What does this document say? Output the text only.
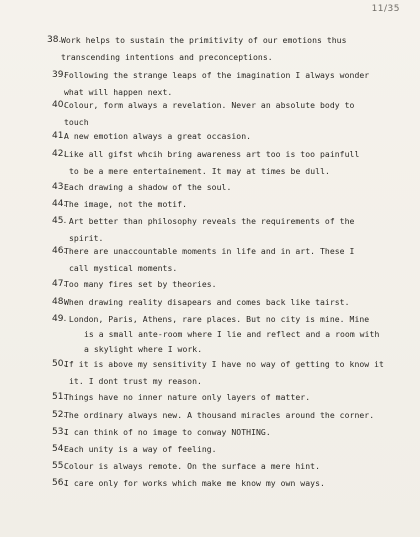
11/35
38. Work helps to sustain the primitivity of our emotions thus
transcending intentions and preconceptions.
39.
Following the strange leaps of the imagination I always wonder
what will happen next.
40.
Colour, form always a revelation. Never an absolute body to
touch
41.
A new emotion always a great occasion.
42.
Like all gifst whcih bring awareness art too is too painfull
to be a mere entertainement. It may at times be dull.
43.
Each drawing a shadow of the soul.
44.
The image, not the motif.
45.
Art better than philosophy reveals the requirements of the
spirit.
46.
There are unaccountable moments in life and in art. These I
call mystical moments.
47.
Too many fires set by theories.
48.
When drawing reality disapears and comes back like tairst.
49.
London, Paris, Athens, rare places. But no city is mine. Mine
is a small ante-room where I lie and reflect and a room with
a skylight where I work.
50.
If it is above my sensitivity I have no way of getting to know it
it. I dont trust my reason.
51.
Things have no inner nature only layers of matter.
52.
The ordinary always new. A thousand miracles around the corner.
53.
I can think of no image to conway NOTHING.
54.
Each unity is a way of feeling.
55.
Colour is always remote. On the surface a mere hint.
56.
I care only for works which make me know my own ways.
